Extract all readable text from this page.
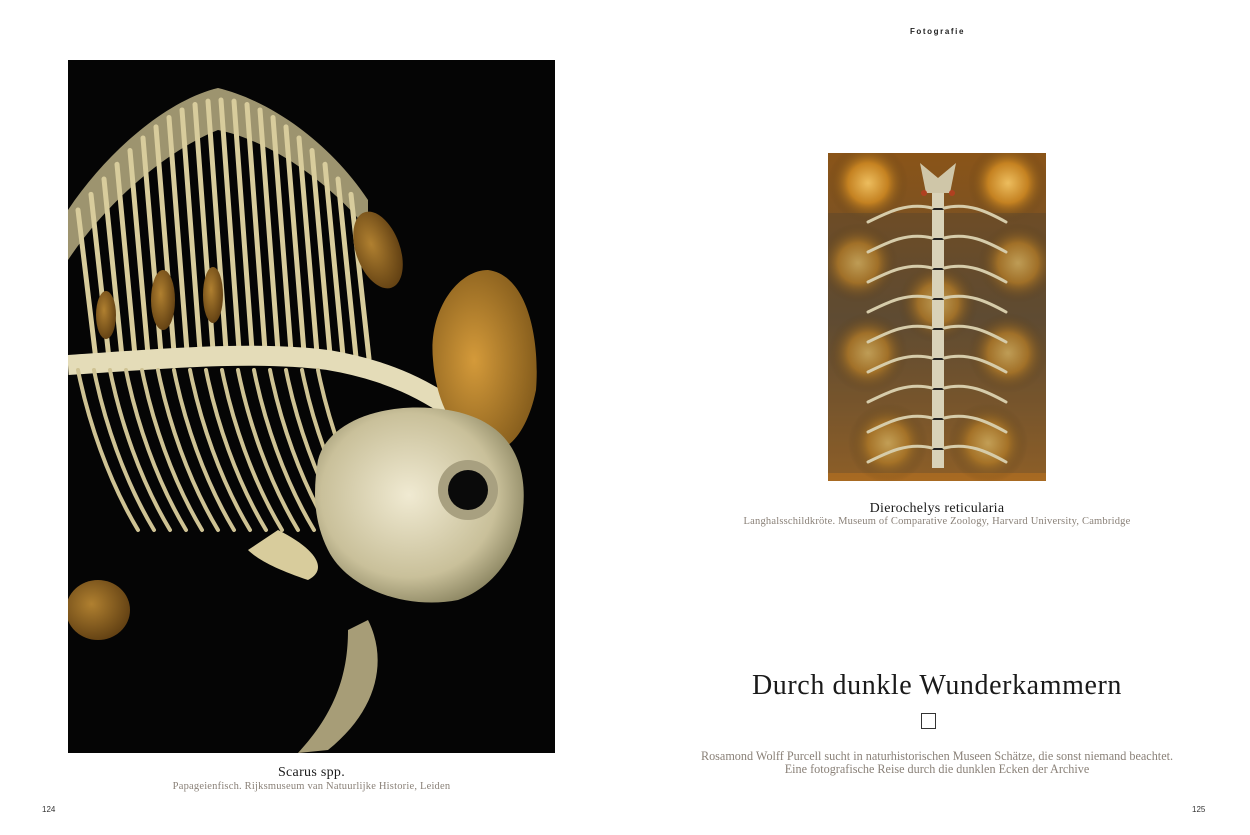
Fotografie
Scarus spp.
Papageienfisch. Rijksmuseum van Natuurlijke Historie, Leiden
Dierochelys reticularia
Langhalsschildkröte. Museum of Comparative Zoology, Harvard University, Cambridge
Durch dunkle Wunderkammern
Rosamond Wolff Purcell sucht in naturhistorischen Museen Schätze, die sonst niemand beachtet.
Eine fotografische Reise durch die dunklen Ecken der Archive
124	125
